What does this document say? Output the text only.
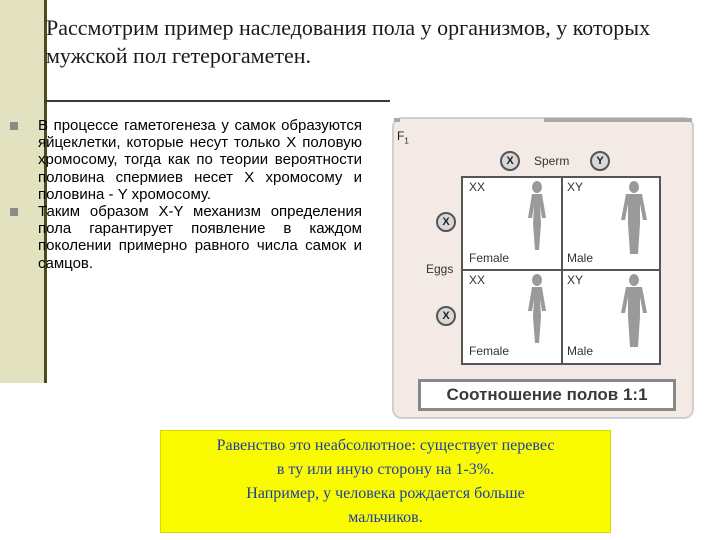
Рассмотрим пример наследования пола у организмов, у которых мужской пол гетерогаметен.
В процессе гаметогенеза у самок образуются яйцеклетки, которые несут только X половую хромосому, тогда как по теории вероятности половина спермиев несет X хромосому и половина - Y хромосому.
Таким образом X-Y механизм определения пола гарантирует появление в каждом поколении примерно равного числа самок и самцов.
$F_1$
X	Sperm	Y
X
Eggs
X
XX
Female
XY
Male
XX
Female
XY
Male
Соотношение полов 1:1
Равенство это неабсолютное: существует перевес
в ту или иную сторону на 1-3%.
Например, у человека рождается больше
мальчиков.
